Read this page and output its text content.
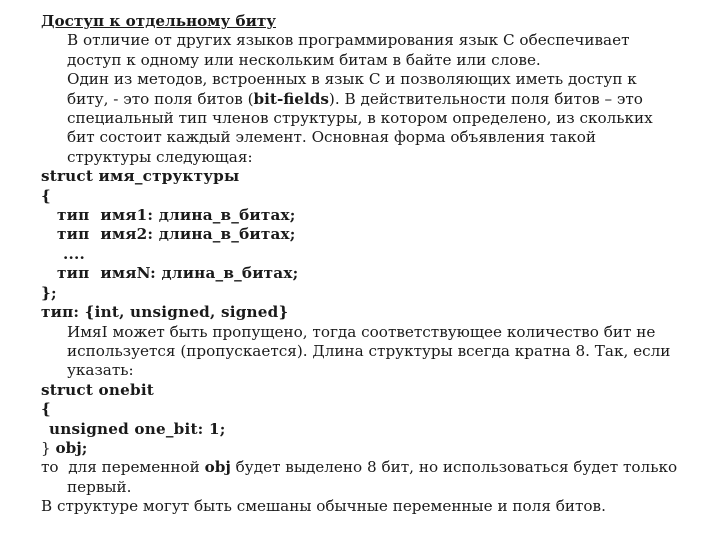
Доступ к отдельному биту
В отличие от других языков программирования язык С обеспечивает
доступ к одному или нескольким битам в байте или слове.
Один из методов, встроенных в язык С и позволяющих иметь доступ к
биту, - это поля битов (bit-fields). В действительности поля битов – это
специальный тип членов структуры, в котором определено, из скольких
бит состоит каждый элемент. Основная форма объявления такой
структуры следующая:
struct имя_структуры
{
тип  имя1: длина_в_битах;
тип  имя2: длина_в_битах;
....
тип  имяN: длина_в_битах;
};
тип: {int, unsigned, signed}
ИмяI может быть пропущено, тогда соответствующее количество бит не
используется (пропускается). Длина структуры всегда кратна 8. Так, если
указать:
struct onebit
{
unsigned one_bit: 1;
} obj;
то  для переменной obj будет выделено 8 бит, но использоваться будет только
первый.
В структуре могут быть смешаны обычные переменные и поля битов.
